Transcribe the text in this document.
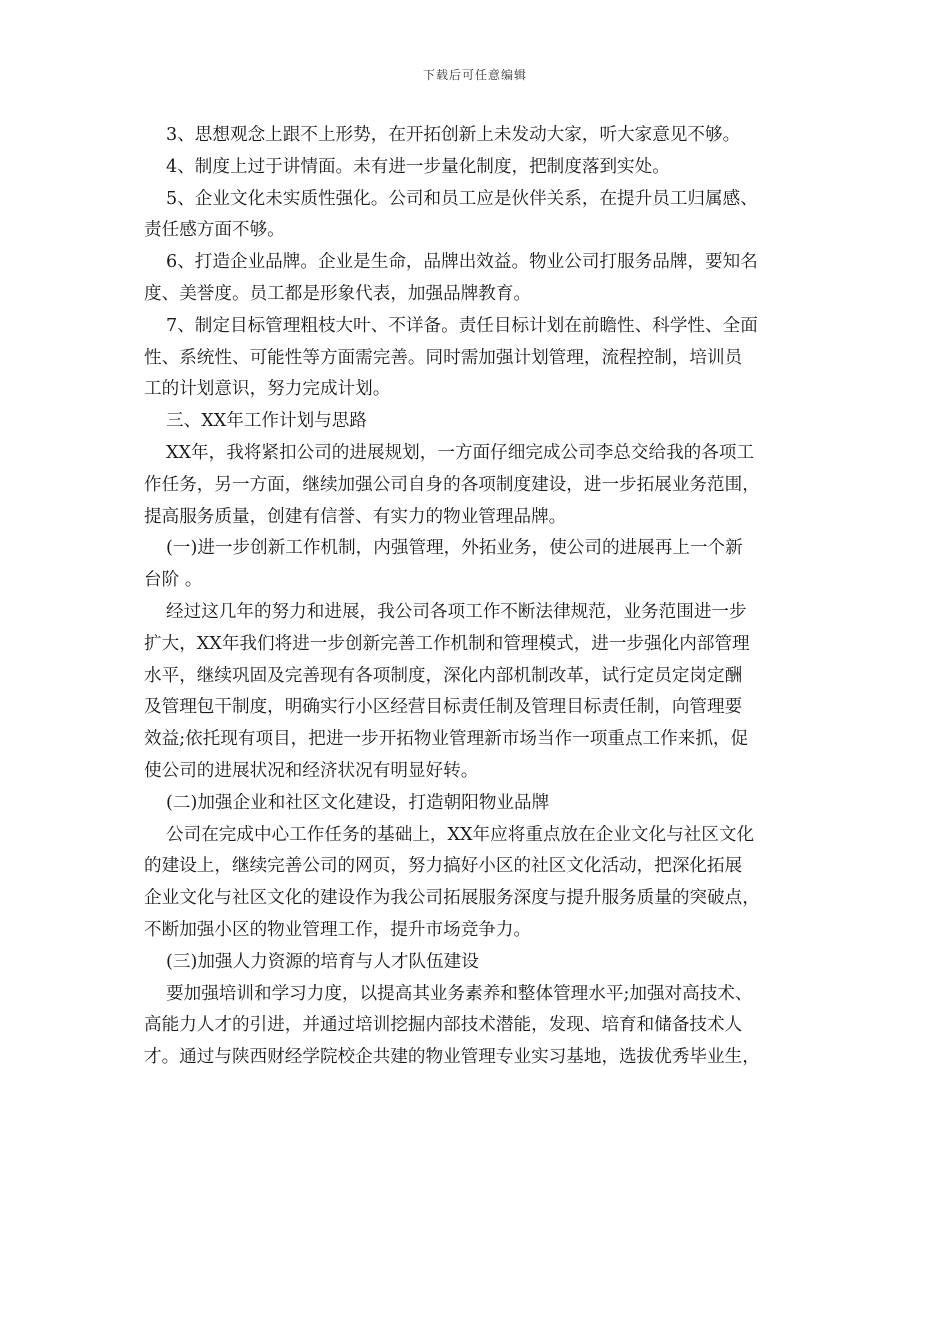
下载后可任意编辑
3、思想观念上跟不上形势，在开拓创新上未发动大家，听大家意见不够。
4、制度上过于讲情面。未有进一步量化制度，把制度落到实处。
5、企业文化未实质性强化。公司和员工应是伙伴关系，在提升员工归属感、
责任感方面不够。
6、打造企业品牌。企业是生命，品牌出效益。物业公司打服务品牌，要知名
度、美誉度。员工都是形象代表，加强品牌教育。
7、制定目标管理粗枝大叶、不详备。责任目标计划在前瞻性、科学性、全面
性、系统性、可能性等方面需完善。同时需加强计划管理，流程控制，培训员
工的计划意识，努力完成计划。
三、XX年工作计划与思路
XX年，我将紧扣公司的进展规划，一方面仔细完成公司李总交给我的各项工
作任务，另一方面，继续加强公司自身的各项制度建设，进一步拓展业务范围，
提高服务质量，创建有信誉、有实力的物业管理品牌。
(一)进一步创新工作机制，内强管理，外拓业务，使公司的进展再上一个新
台阶 。
经过这几年的努力和进展，我公司各项工作不断法律规范，业务范围进一步
扩大，XX年我们将进一步创新完善工作机制和管理模式，进一步强化内部管理
水平，继续巩固及完善现有各项制度，深化内部机制改革，试行定员定岗定酬
及管理包干制度，明确实行小区经营目标责任制及管理目标责任制，向管理要
效益;依托现有项目，把进一步开拓物业管理新市场当作一项重点工作来抓，促
使公司的进展状况和经济状况有明显好转。
(二)加强企业和社区文化建设，打造朝阳物业品牌
公司在完成中心工作任务的基础上，XX年应将重点放在企业文化与社区文化
的建设上，继续完善公司的网页，努力搞好小区的社区文化活动，把深化拓展
企业文化与社区文化的建设作为我公司拓展服务深度与提升服务质量的突破点，
不断加强小区的物业管理工作，提升市场竞争力。
(三)加强人力资源的培育与人才队伍建设
要加强培训和学习力度，以提高其业务素养和整体管理水平;加强对高技术、
高能力人才的引进，并通过培训挖掘内部技术潜能，发现、培育和储备技术人
才。通过与陕西财经学院校企共建的物业管理专业实习基地，选拔优秀毕业生，
